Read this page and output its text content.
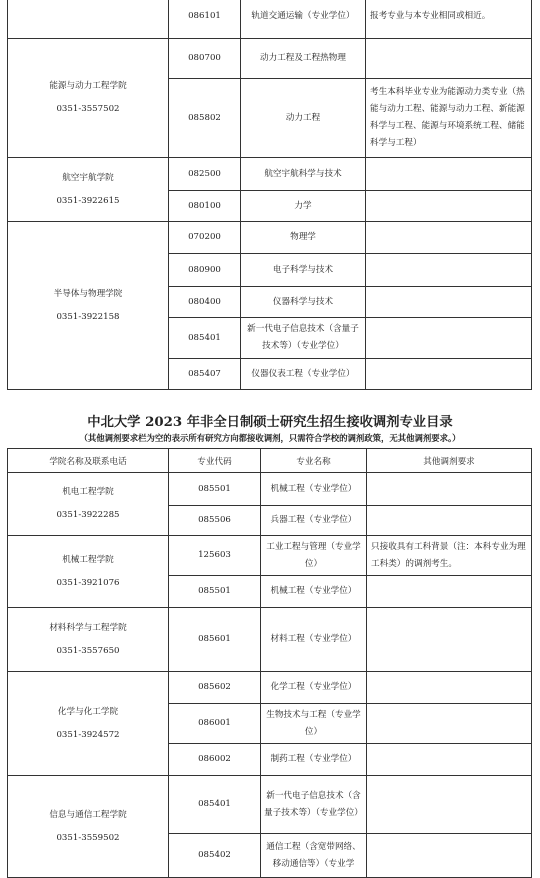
	086101	轨道交通运输（专业学位）	报考专业与本专业相同或相近。

能源与动力工程学院
0351-3557502	080700	动力工程及工程热物理	
	085802	动力工程	考生本科毕业专业为能源动力类专业（热能与动力工程、能源与动力工程、新能源科学与工程、能源与环境系统工程、储能科学与工程）

航空宇航学院
0351-3922615	082500	航空宇航科学与技术	
	080100	力学	

半导体与物理学院
0351-3922158	070200	物理学	
	080900	电子科学与技术	
	080400	仪器科学与技术	
	085401	新一代电子信息技术（含量子技术等）（专业学位）	
	085407	仪器仪表工程（专业学位）	
中北大学 2023 年非全日制硕士研究生招生接收调剂专业目录
（其他调剂要求栏为空的表示所有研究方向都接收调剂，只需符合学校的调剂政策，无其他调剂要求。）
学院名称及联系电话	专业代码	专业名称	其他调剂要求

机电工程学院
0351-3922285	085501	机械工程（专业学位）	
	085506	兵器工程（专业学位）	

机械工程学院
0351-3921076	125603	工业工程与管理（专业学位）	只接收具有工科背景（注：本科专业为理工科类）的调剂考生。
	085501	机械工程（专业学位）	

材料科学与工程学院
0351-3557650	085601	材料工程（专业学位）	

化学与化工学院
0351-3924572	085602	化学工程（专业学位）	
	086001	生物技术与工程（专业学位）	
	086002	制药工程（专业学位）	

信息与通信工程学院
0351-3559502	085401	新一代电子信息技术（含量子技术等）（专业学位）	
	085402	通信工程（含宽带网络、移动通信等）（专业学	
